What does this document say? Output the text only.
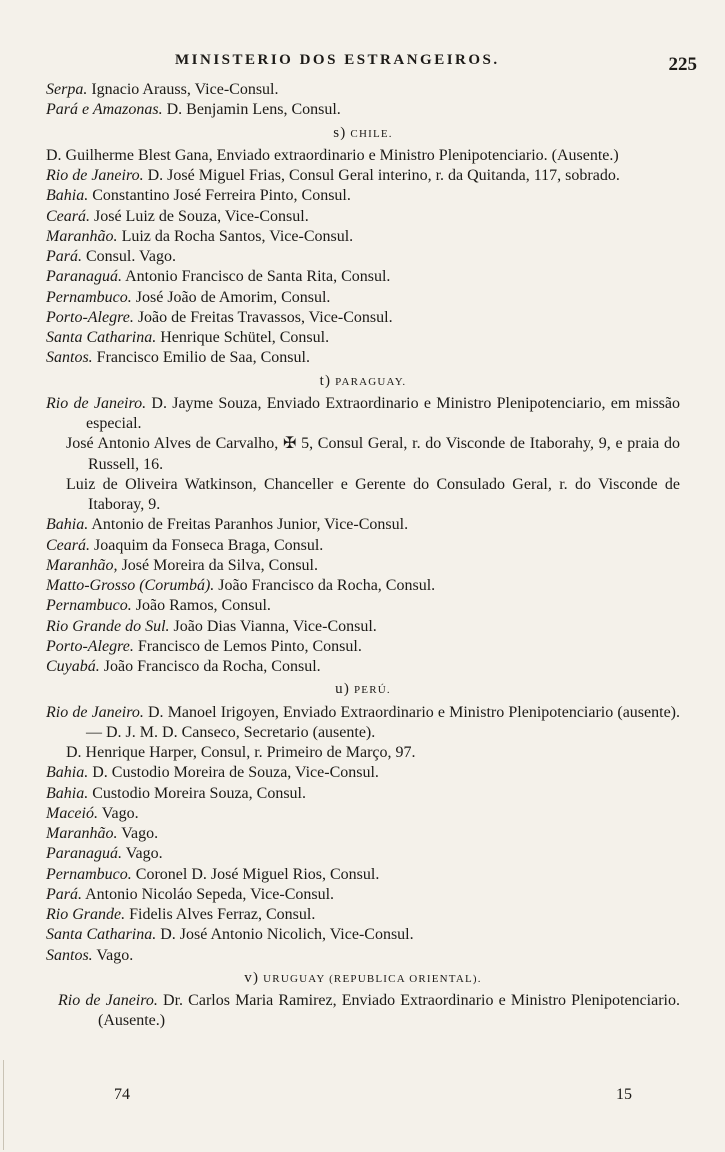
MINISTERIO DOS ESTRANGEIROS.	225
Serpa. Ignacio Arauss, Vice-Consul.
Pará e Amazonas. D. Benjamin Lens, Consul.
s) CHILE.
D. Guilherme Blest Gana, Enviado extraordinario e Ministro Plenipotenciario. (Ausente.)
Rio de Janeiro. D. José Miguel Frias, Consul Geral interino, r. da Quitanda, 117, sobrado.
Bahia. Constantino José Ferreira Pinto, Consul.
Ceará. José Luiz de Souza, Vice-Consul.
Maranhão. Luiz da Rocha Santos, Vice-Consul.
Pará. Consul. Vago.
Paranaguá. Antonio Francisco de Santa Rita, Consul.
Pernambuco. José João de Amorim, Consul.
Porto-Alegre. João de Freitas Travassos, Vice-Consul.
Santa Catharina. Henrique Schütel, Consul.
Santos. Francisco Emilio de Saa, Consul.
t) PARAGUAY.
Rio de Janeiro. D. Jayme Souza, Enviado Extraordinario e Ministro Plenipotenciario, em missão especial.
José Antonio Alves de Carvalho, ✠ 5, Consul Geral, r. do Visconde de Itaborahy, 9, e praia do Russell, 16.
Luiz de Oliveira Watkinson, Chanceller e Gerente do Consulado Geral, r. do Visconde de Itaboray, 9.
Bahia. Antonio de Freitas Paranhos Junior, Vice-Consul.
Ceará. Joaquim da Fonseca Braga, Consul.
Maranhão, José Moreira da Silva, Consul.
Matto-Grosso (Corumbá). João Francisco da Rocha, Consul.
Pernambuco. João Ramos, Consul.
Rio Grande do Sul. João Dias Vianna, Vice-Consul.
Porto-Alegre. Francisco de Lemos Pinto, Consul.
Cuyabá. João Francisco da Rocha, Consul.
u) PERÚ.
Rio de Janeiro. D. Manoel Irigoyen, Enviado Extraordinario e Ministro Plenipotenciario (ausente). — D. J. M. D. Canseco, Secretario (ausente).
D. Henrique Harper, Consul, r. Primeiro de Março, 97.
Bahia. D. Custodio Moreira de Souza, Vice-Consul.
Bahia. Custodio Moreira Souza, Consul.
Maceió. Vago.
Maranhão. Vago.
Paranaguá. Vago.
Pernambuco. Coronel D. José Miguel Rios, Consul.
Pará. Antonio Nicoláo Sepeda, Vice-Consul.
Rio Grande. Fidelis Alves Ferraz, Consul.
Santa Catharina. D. José Antonio Nicolich, Vice-Consul.
Santos. Vago.
v) URUGUAY (REPUBLICA ORIENTAL).
Rio de Janeiro. Dr. Carlos Maria Ramirez, Enviado Extraordinario e Ministro Plenipotenciario. (Ausente.)
74	15
